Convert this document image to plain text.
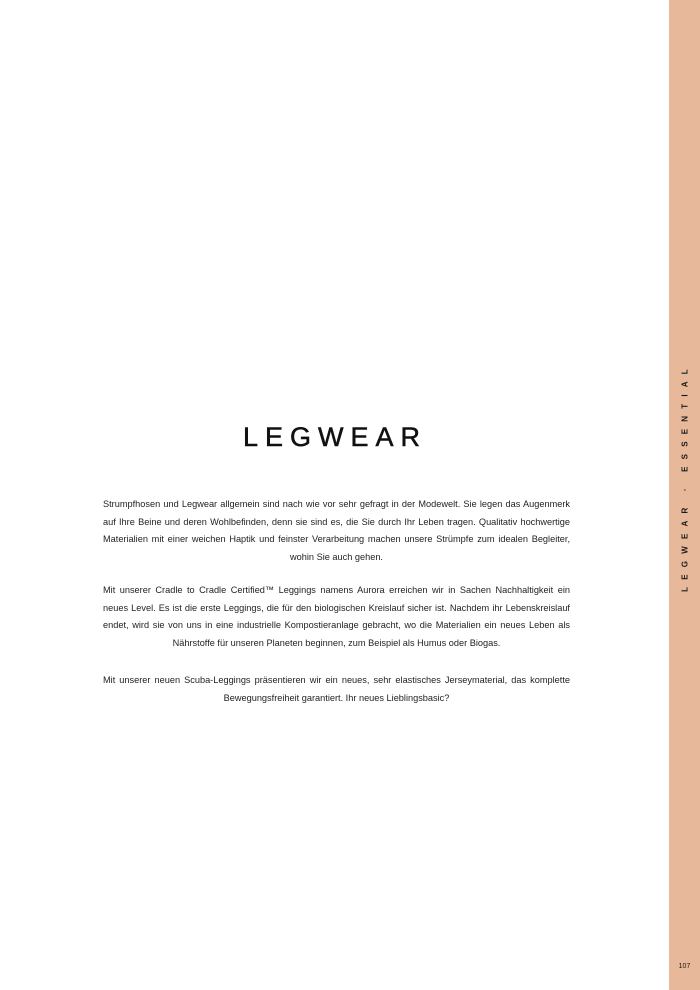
LEGWEAR

Strumpfhosen und Legwear allgemein sind nach wie vor sehr gefragt in der Modewelt. Sie legen das Augenmerk auf Ihre Beine und deren Wohlbefinden, denn sie sind es, die Sie durch Ihr Leben tragen. Qualitativ hochwertige Materialien mit einer weichen Haptik und feinster Verarbeitung machen unsere Strümpfe zum idealen Begleiter, wohin Sie auch gehen.

Mit unserer Cradle to Cradle Certified™ Leggings namens Aurora erreichen wir in Sachen Nachhaltigkeit ein neues Level. Es ist die erste Leggings, die für den biologischen Kreislauf sicher ist. Nachdem ihr Lebenskreislauf endet, wird sie von uns in eine industrielle Kompostieranlage gebracht, wo die Materialien ein neues Leben als Nährstoffe für unseren Planeten beginnen, zum Beispiel als Humus oder Biogas.

Mit unserer neuen Scuba-Leggings präsentieren wir ein neues, sehr elastisches Jerseymaterial, das komplette Bewegungsfreiheit garantiert. Ihr neues Lieblingsbasic?

LEGWEAR · ESSENTIAL
107
